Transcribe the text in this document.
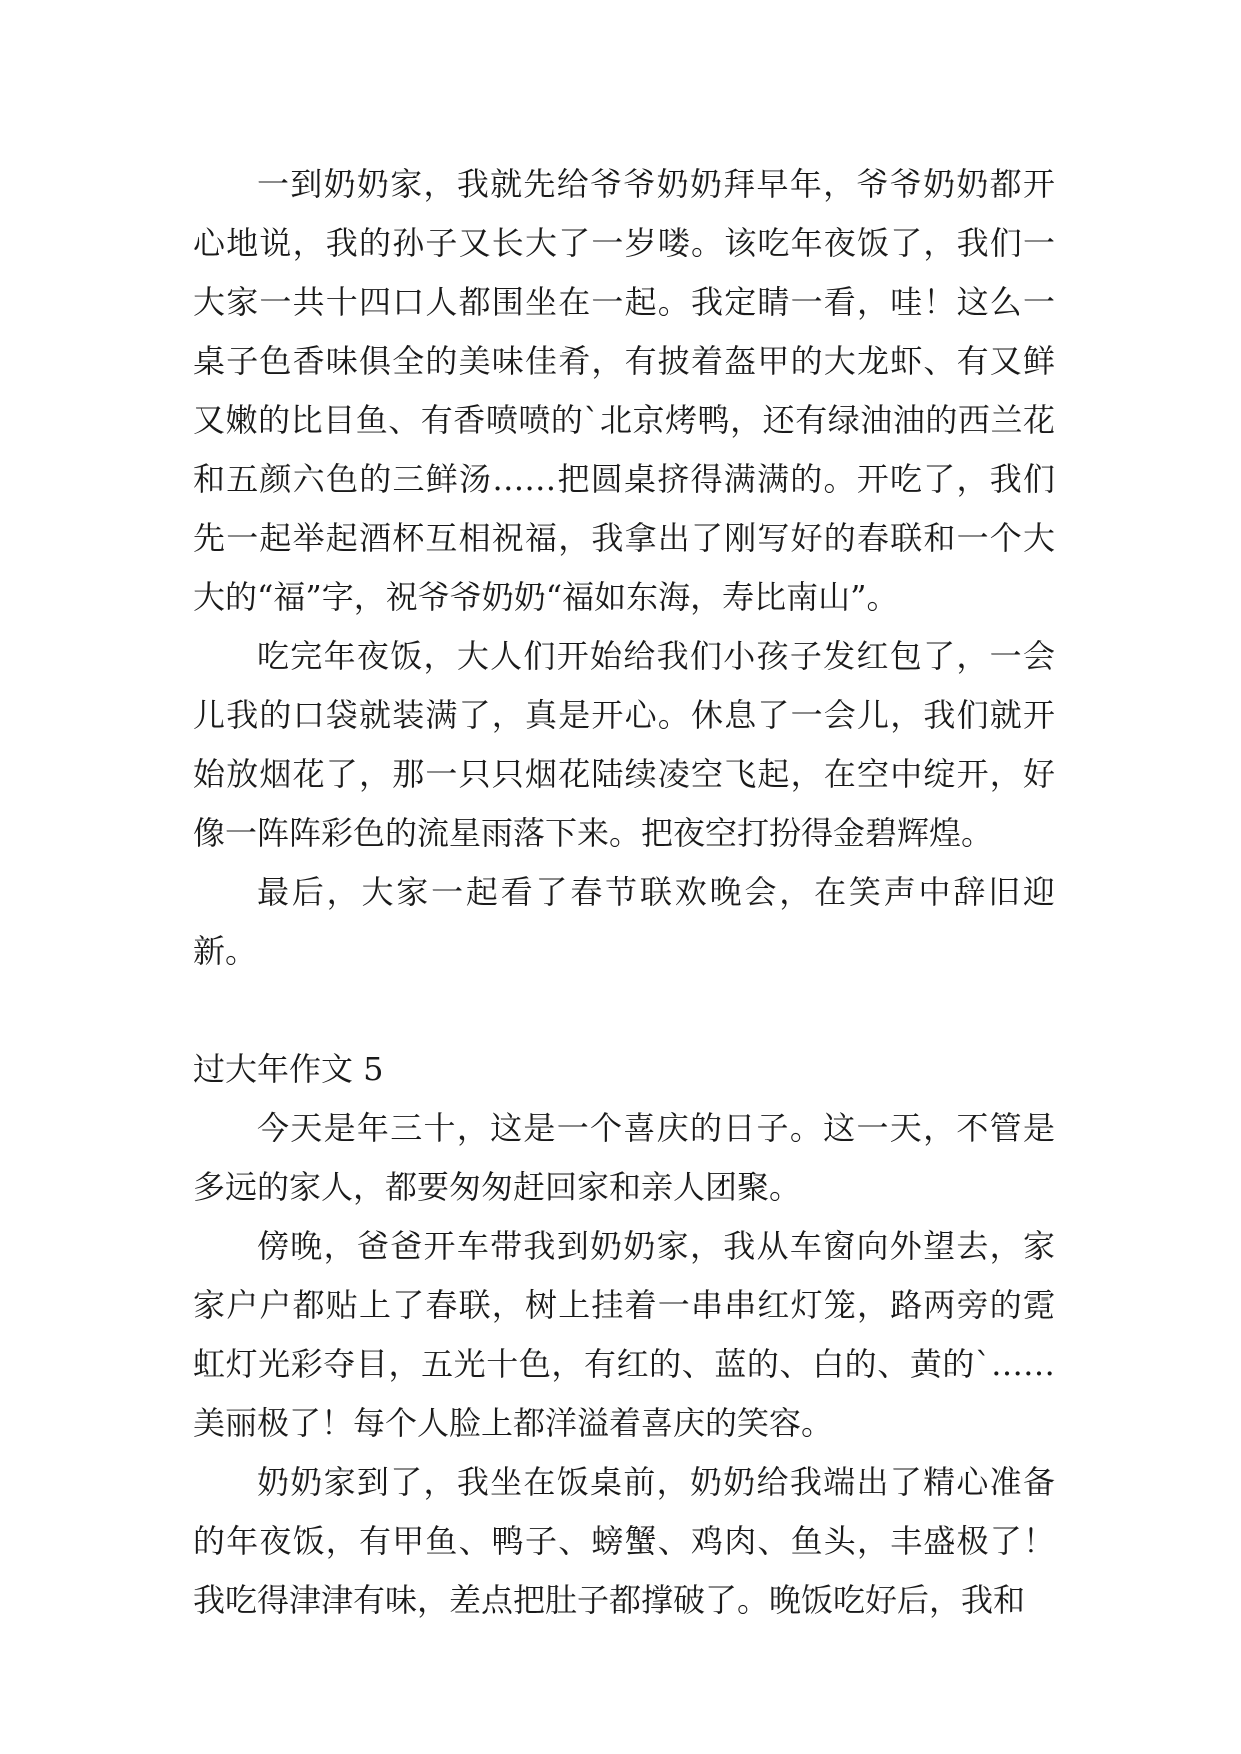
一到奶奶家，我就先给爷爷奶奶拜早年，爷爷奶奶都开心地说，我的孙子又长大了一岁喽。该吃年夜饭了，我们一大家一共十四口人都围坐在一起。我定睛一看，哇！这么一桌子色香味俱全的美味佳肴，有披着盔甲的大龙虾、有又鲜又嫩的比目鱼、有香喷喷的`北京烤鸭，还有绿油油的西兰花和五颜六色的三鲜汤……把圆桌挤得满满的。开吃了，我们先一起举起酒杯互相祝福，我拿出了刚写好的春联和一个大大的“福”字，祝爷爷奶奶“福如东海，寿比南山”。

吃完年夜饭，大人们开始给我们小孩子发红包了，一会儿我的口袋就装满了，真是开心。休息了一会儿，我们就开始放烟花了，那一只只烟花陆续凌空飞起，在空中绽开，好像一阵阵彩色的流星雨落下来。把夜空打扮得金碧辉煌。

最后，大家一起看了春节联欢晚会，在笑声中辞旧迎新。

过大年作文 5

今天是年三十，这是一个喜庆的日子。这一天，不管是多远的家人，都要匆匆赶回家和亲人团聚。

傍晚，爸爸开车带我到奶奶家，我从车窗向外望去，家家户户都贴上了春联，树上挂着一串串红灯笼，路两旁的霓虹灯光彩夺目，五光十色，有红的、蓝的、白的、黄的`……美丽极了！每个人脸上都洋溢着喜庆的笑容。

奶奶家到了，我坐在饭桌前，奶奶给我端出了精心准备的年夜饭，有甲鱼、鸭子、螃蟹、鸡肉、鱼头，丰盛极了！我吃得津津有味，差点把肚子都撑破了。晚饭吃好后，我和
